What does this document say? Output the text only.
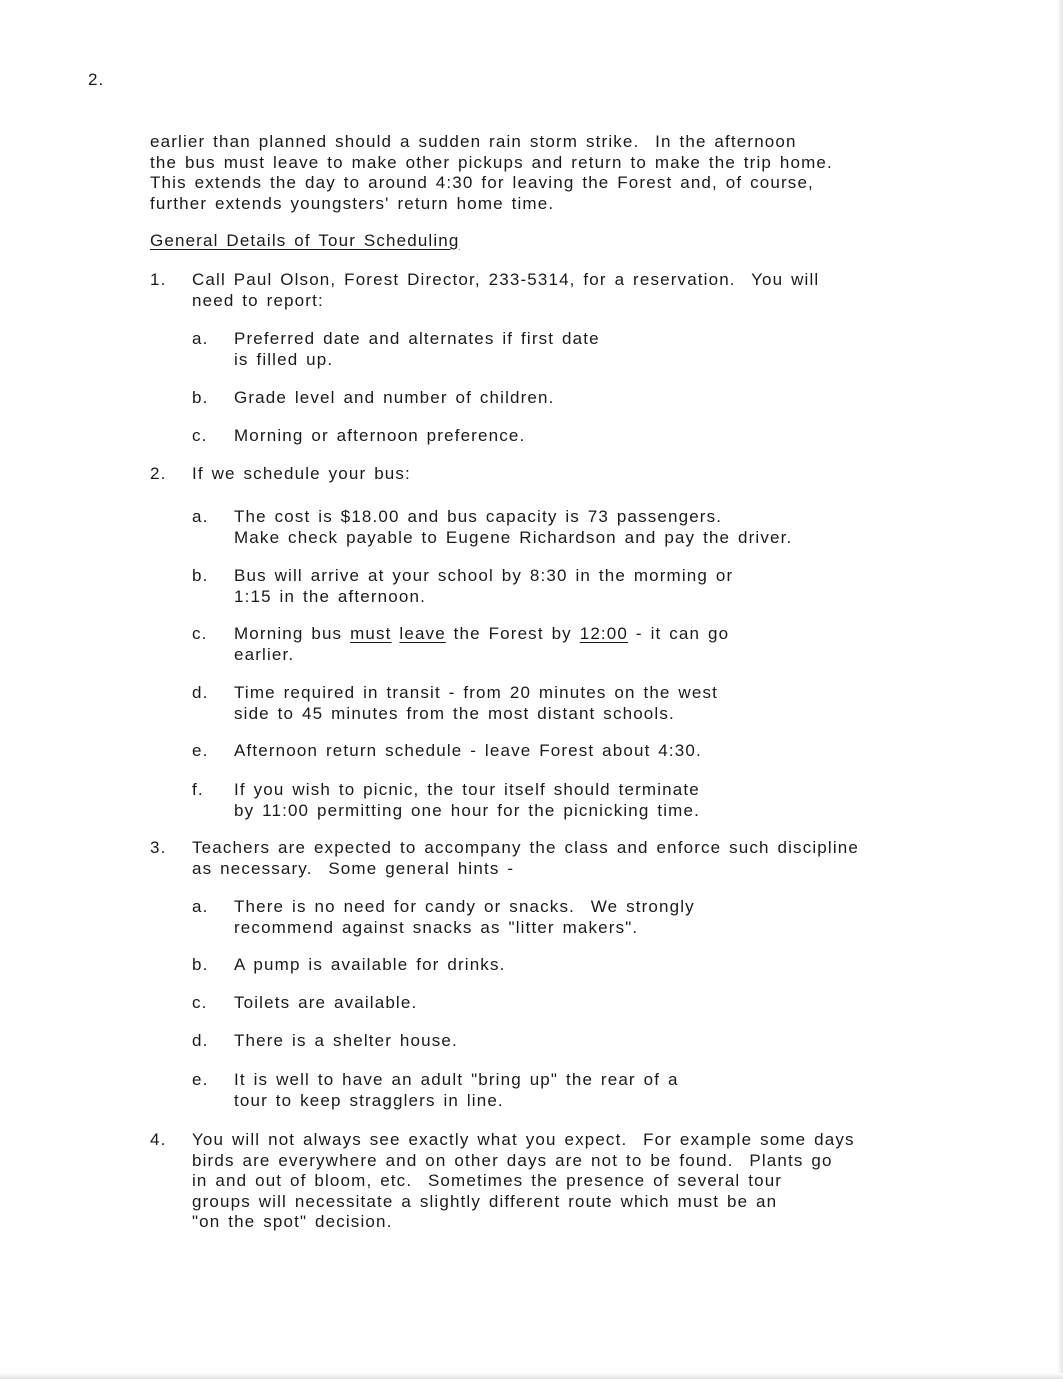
2.
earlier than planned should a sudden rain storm strike.  In the afternoon
the bus must leave to make other pickups and return to make the trip home.
This extends the day to around 4:30 for leaving the Forest and, of course,
further extends youngsters' return home time.
General Details of Tour Scheduling
1. Call Paul Olson, Forest Director, 233-5314, for a reservation.  You will
need to report:
a. Preferred date and alternates if first date
is filled up.
b. Grade level and number of children.
c. Morning or afternoon preference.
2. If we schedule your bus:
a. The cost is $18.00 and bus capacity is 73 passengers.
Make check payable to Eugene Richardson and pay the driver.
b. Bus will arrive at your school by 8:30 in the morming or
1:15 in the afternoon.
c. Morning bus must leave the Forest by 12:00 - it can go
earlier.
d. Time required in transit - from 20 minutes on the west
side to 45 minutes from the most distant schools.
e. Afternoon return schedule - leave Forest about 4:30.
f. If you wish to picnic, the tour itself should terminate
by 11:00 permitting one hour for the picnicking time.
3. Teachers are expected to accompany the class and enforce such discipline
as necessary.  Some general hints -
a. There is no need for candy or snacks.  We strongly
recommend against snacks as "litter makers".
b. A pump is available for drinks.
c. Toilets are available.
d. There is a shelter house.
e. It is well to have an adult "bring up" the rear of a
tour to keep stragglers in line.
4. You will not always see exactly what you expect.  For example some days
birds are everywhere and on other days are not to be found.  Plants go
in and out of bloom, etc.  Sometimes the presence of several tour
groups will necessitate a slightly different route which must be an
"on the spot" decision.
